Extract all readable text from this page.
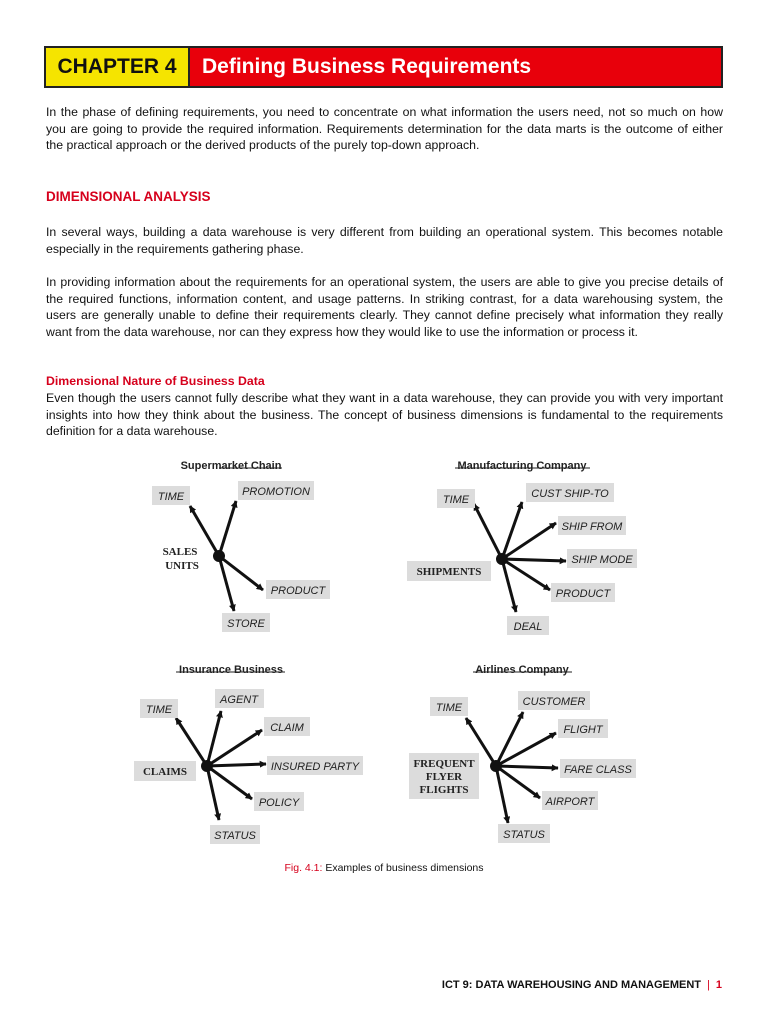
CHAPTER 4	Defining Business Requirements

In the phase of defining requirements, you need to concentrate on what information the users need, not so much on how you are going to provide the required information. Requirements determination for the data marts is the outcome of either the practical approach or the derived products of the purely top-down approach.

DIMENSIONAL ANALYSIS

In several ways, building a data warehouse is very different from building an operational system. This becomes notable especially in the requirements gathering phase.

In providing information about the requirements for an operational system, the users are able to give you precise details of the required functions, information content, and usage patterns. In striking contrast, for a data warehousing system, the users are generally unable to define their requirements clearly. They cannot define precisely what information they really want from the data warehouse, nor can they express how they would like to use the information or process it.

Dimensional Nature of Business Data

Even though the users cannot fully describe what they want in a data warehouse, they can provide you with very important insights into how they think about the business. The concept of business dimensions is fundamental to the requirements definition for a data warehouse.

Supermarket Chain
TIME	PROMOTION
PRODUCT
STORE
SALES
UNITS
Manufacturing Company
TIME	CUST SHIP-TO
SHIP FROM
SHIP MODE
PRODUCT
DEAL
SHIPMENTS
Insurance Business
TIME
AGENT
CLAIM
INSURED PARTY
POLICY
STATUS
CLAIMS
Airlines Company
TIME	CUSTOMER
FLIGHT
FARE CLASS
AIRPORT
STATUS
FREQUENT
FLYER
FLIGHTS
Fig. 4.1: Examples of business dimensions
ICT 9: DATA WAREHOUSING AND MANAGEMENT | 1
